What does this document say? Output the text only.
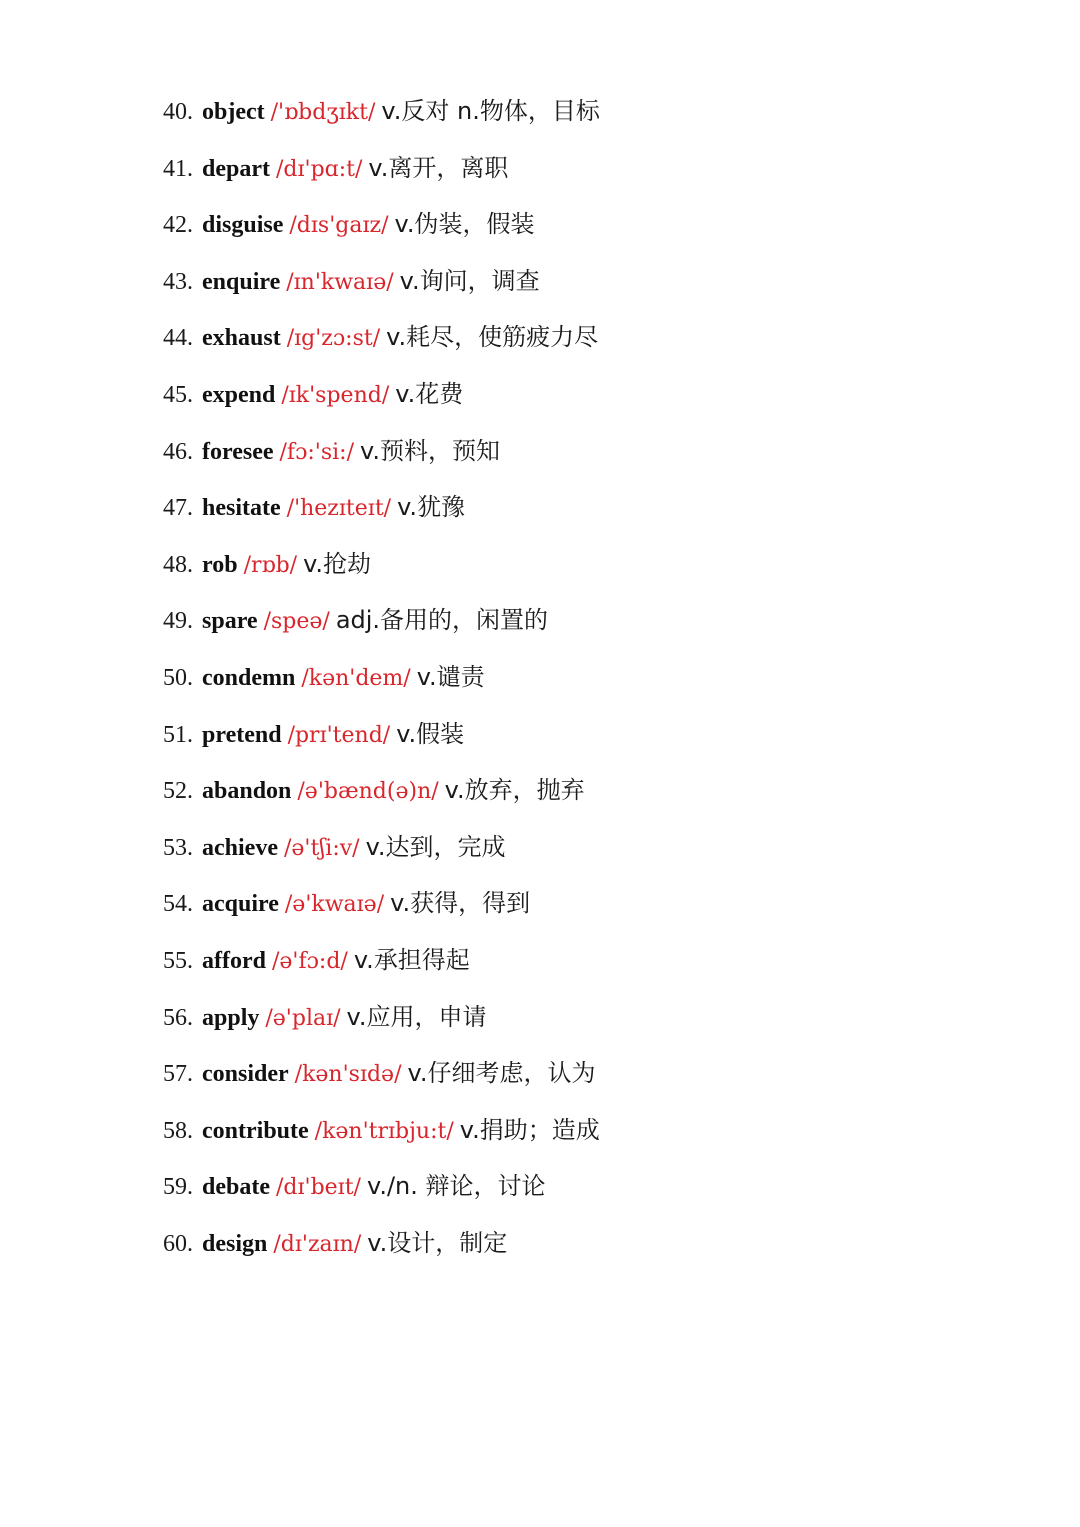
40. object /'ɒbdʒɪkt/ v.反对 n.物体，目标
41. depart /dɪ'pɑ:t/ v.离开，离职
42. disguise /dɪs'gaɪz/ v.伪装，假装
43. enquire /ɪn'kwaɪə/ v.询问，调查
44. exhaust /ɪg'zɔ:st/ v.耗尽，使筋疲力尽
45. expend /ɪk'spend/ v.花费
46. foresee /fɔ:'si:/ v.预料，预知
47. hesitate /'hezɪteɪt/ v.犹豫
48. rob /rɒb/ v.抢劫
49. spare /speə/ adj.备用的，闲置的
50. condemn /kən'dem/ v.谴责
51. pretend /prɪ'tend/ v.假装
52. abandon /ə'bænd(ə)n/ v.放弃，抛弃
53. achieve /ə'tʃi:v/ v.达到，完成
54. acquire /ə'kwaɪə/ v.获得，得到
55. afford /ə'fɔ:d/ v.承担得起
56. apply /ə'plaɪ/ v.应用，申请
57. consider /kən'sɪdə/ v.仔细考虑，认为
58. contribute /kən'trɪbju:t/ v.捐助；造成
59. debate /dɪ'beɪt/ v./n. 辩论，讨论
60. design /dɪ'zaɪn/ v.设计，制定
